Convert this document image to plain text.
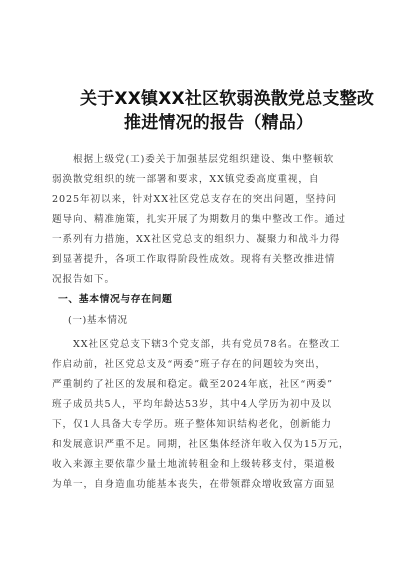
关于XX镇XX社区软弱涣散党总支整改
推进情况的报告（精品）
根据上级党(工)委关于加强基层党组织建设、集中整顿软
弱涣散党组织的统一部署和要求，XX镇党委高度重视，自
2025年初以来，针对XX社区党总支存在的突出问题，坚持问
题导向、精准施策，扎实开展了为期数月的集中整改工作。通过
一系列有力措施，XX社区党总支的组织力、凝聚力和战斗力得
到显著提升，各项工作取得阶段性成效。现将有关整改推进情
况报告如下。
一、基本情况与存在问题
(一)基本情况
XX社区党总支下辖3个党支部，共有党员78名。在整改工
作启动前，社区党总支及“两委”班子存在的问题较为突出，
严重制约了社区的发展和稳定。截至2024年底，社区“两委”
班子成员共5人，平均年龄达53岁，其中4人学历为初中及以
下，仅1人具备大专学历。班子整体知识结构老化，创新能力
和发展意识严重不足。同期，社区集体经济年收入仅为15万元，
收入来源主要依靠少量土地流转租金和上级转移支付，渠道极
为单一，自身造血功能基本丧失，在带领群众增收致富方面显
